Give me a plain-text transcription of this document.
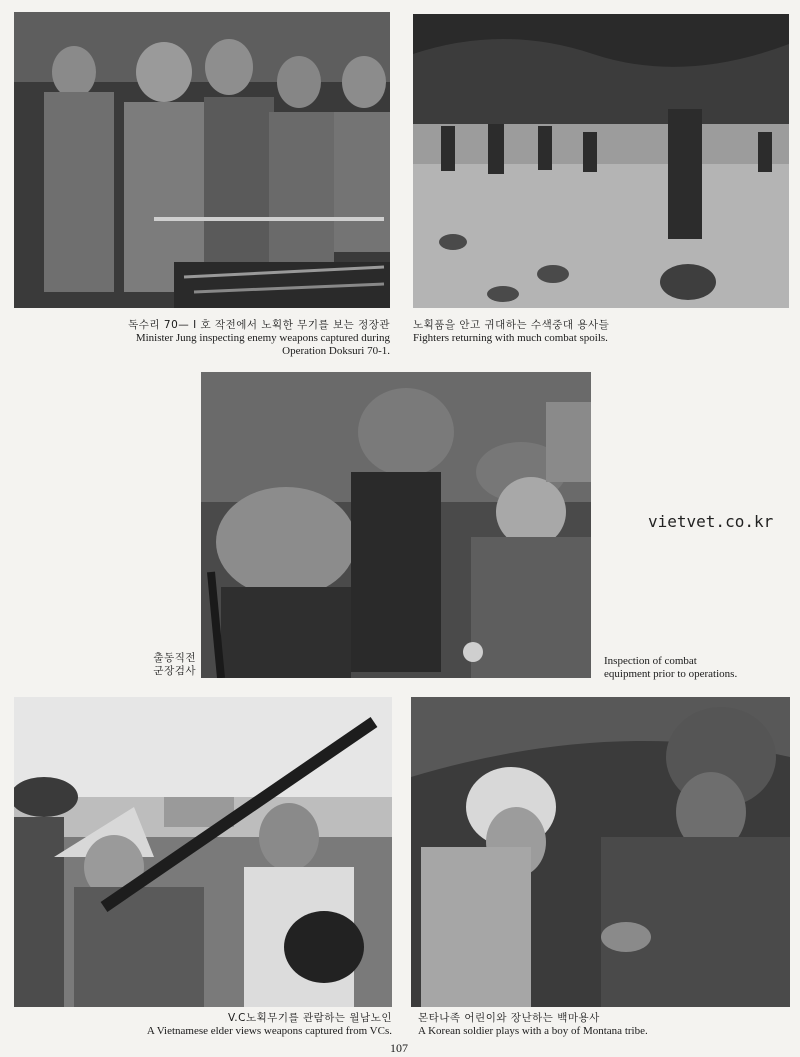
독수리 70— I 호 작전에서 노획한 무기를 보는 정장관
Minister Jung inspecting enemy weapons captured during
Operation Doksuri 70-1.
노획품을 안고 귀대하는 수색중대 용사들
Fighters returning with much combat spoils.
출동직전
군장검사
Inspection of combat
equipment prior to operations.
vietvet.co.kr
V.C노획무기를 관람하는 월남노인
A Vietnamese elder views weapons captured from VCs.
몬타나족 어린이와 장난하는 백마용사
A Korean soldier plays with a boy of Montana tribe.
107
